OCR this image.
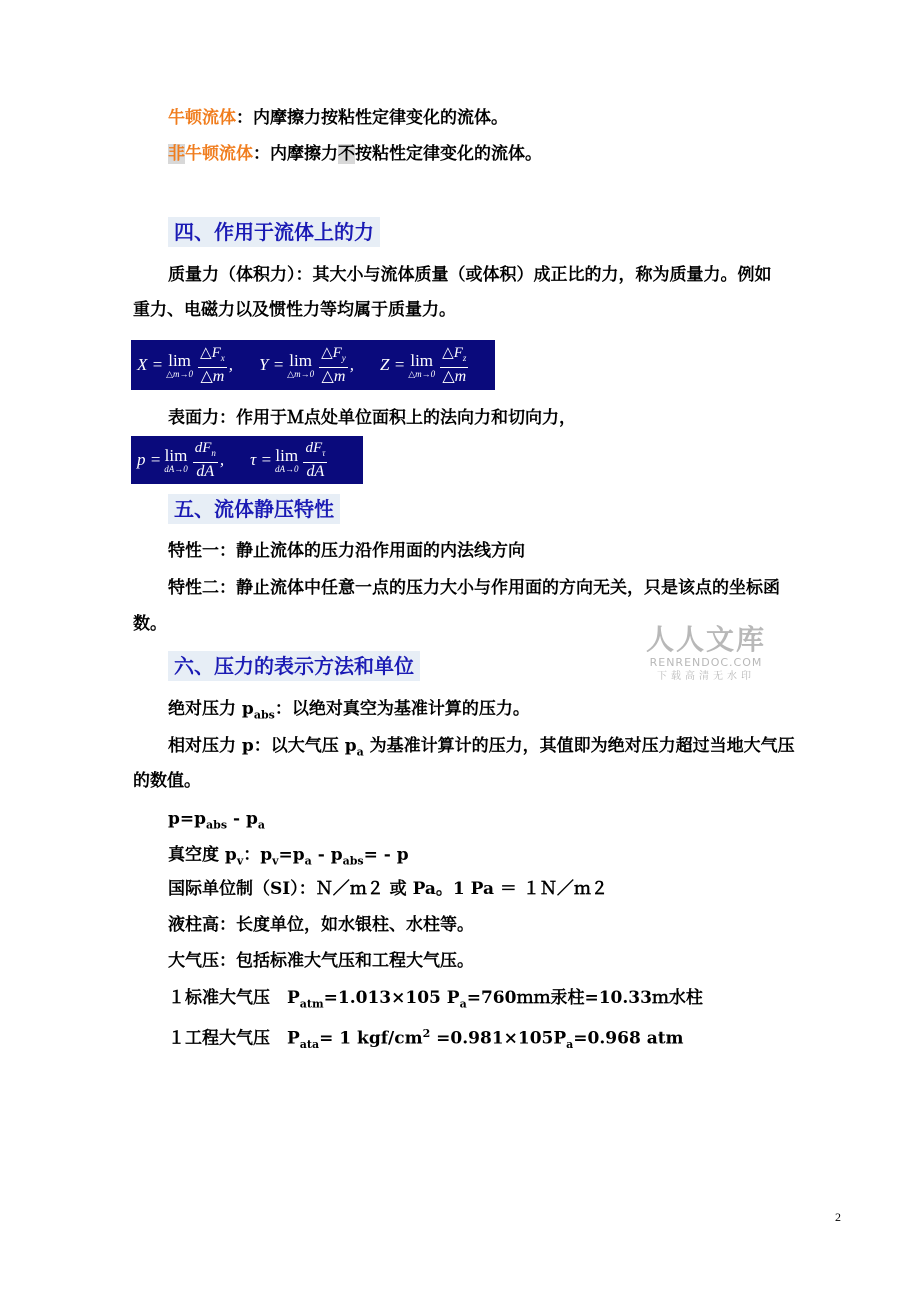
牛顿流体：内摩擦力按粘性定律变化的流体。
非牛顿流体：内摩擦力不按粘性定律变化的流体。
四、作用于流体上的力
质量力（体积力）：其大小与流体质量（或体积）成正比的力，称为质量力。例如
重力、电磁力以及惯性力等均属于质量力。
X = lim
△m→0 $\frac{\triangle F_x}{\triangle m}$ , Y = lim
△m→0 $\frac{\triangle F_y}{\triangle m}$ , Z = lim
△m→0 $\frac{\triangle F_z}{\triangle m}$
表面力：作用于Ｍ点处单位面积上的法向力和切向力，
p = lim
$dA\to 0 \frac{dF_n}{dA}$ , τ = lim
$dA\to 0 \frac{dF_\tau}{dA}$
五、流体静压特性
特性一：静止流体的压力沿作用面的内法线方向
特性二：静止流体中任意一点的压力大小与作用面的方向无关，只是该点的坐标函
数。
六、压力的表示方法和单位
绝对压力 $p_{abs}$：以绝对真空为基准计算的压力。
相对压力 p：以大气压 $p_a$ 为基准计算计的压力，其值即为绝对压力超过当地大气压
的数值。
$p=p_{abs} - p_a$
真空度 $p_v$：$p_v=p_a - p_{abs}= - p$
国际单位制（SI）：Ｎ／ｍ２ 或 Pa。1 Pa ＝ １Ｎ／ｍ２
液柱高：长度单位，如水银柱、水柱等。
大气压：包括标准大气压和工程大气压。
１标准大气压　$P_{atm}=1.013\times 105$ $P_a=760mm$汞柱=10.33ｍ水柱
１工程大气压　$P_{ata}= 1$ kgf/$cm^2 =0.981\times 105P_a=0.968$ atm
人人文库
RENRENDOC.COM
下载高清无水印
2
